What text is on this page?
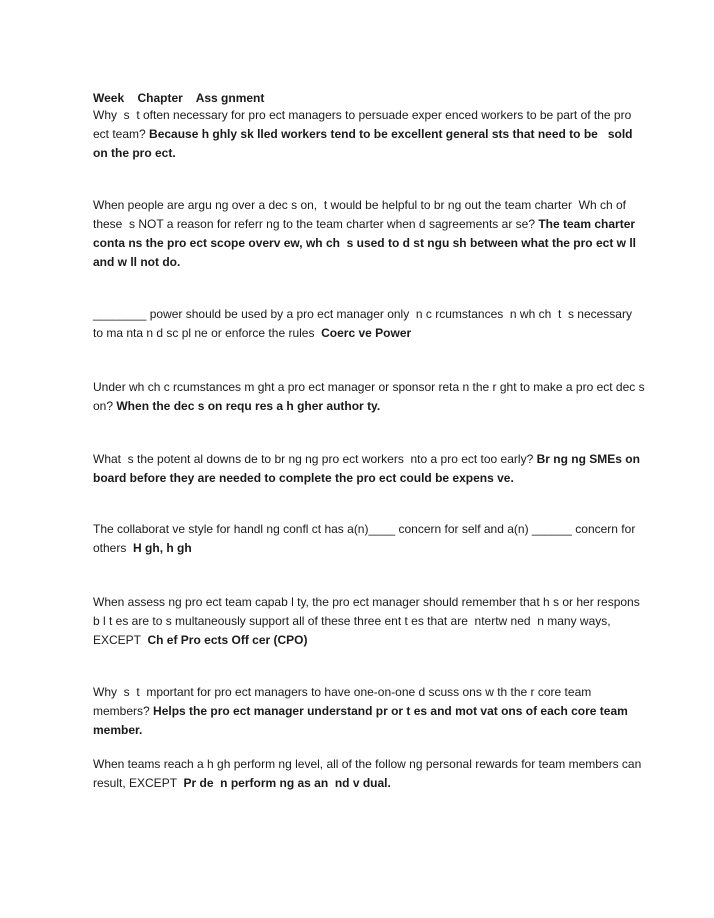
Week    Chapter    Ass gnment
Why  s  t often necessary for pro ect managers to persuade exper enced workers to be part of the pro ect team? Because h ghly sk lled workers tend to be excellent general sts that need to be   sold   on the pro ect.
When people are argu ng over a dec s on,  t would be helpful to br ng out the team charter  Wh ch of these  s NOT a reason for referr ng to the team charter when d sagreements ar se? The team charter conta ns the pro ect scope overv ew, wh ch  s used to d st ngu sh between what the pro ect w ll and w ll not do.
________ power should be used by a pro ect manager only  n c rcumstances  n wh ch  t  s necessary to ma nta n d sc pl ne or enforce the rules  Coerc ve Power
Under wh ch c rcumstances m ght a pro ect manager or sponsor reta n the r ght to make a pro ect dec s on? When the dec s on requ res a h gher author ty.
What  s the potent al downs de to br ng ng pro ect workers  nto a pro ect too early? Br ng ng SMEs on board before they are needed to complete the pro ect could be expens ve.
The collaborat ve style for handl ng confl ct has a(n)____ concern for self and a(n) ______ concern for others  H gh, h gh
When assess ng pro ect team capab l ty, the pro ect manager should remember that h s or her respons b l t es are to s multaneously support all of these three ent t es that are  ntertw ned  n many ways, EXCEPT  Ch ef Pro ects Off cer (CPO)
Why  s  t  mportant for pro ect managers to have one-on-one d scuss ons w th the r core team members? Helps the pro ect manager understand pr or t es and mot vat ons of each core team member.
When teams reach a h gh perform ng level, all of the follow ng personal rewards for team members can result, EXCEPT  Pr de  n perform ng as an  nd v dual.
